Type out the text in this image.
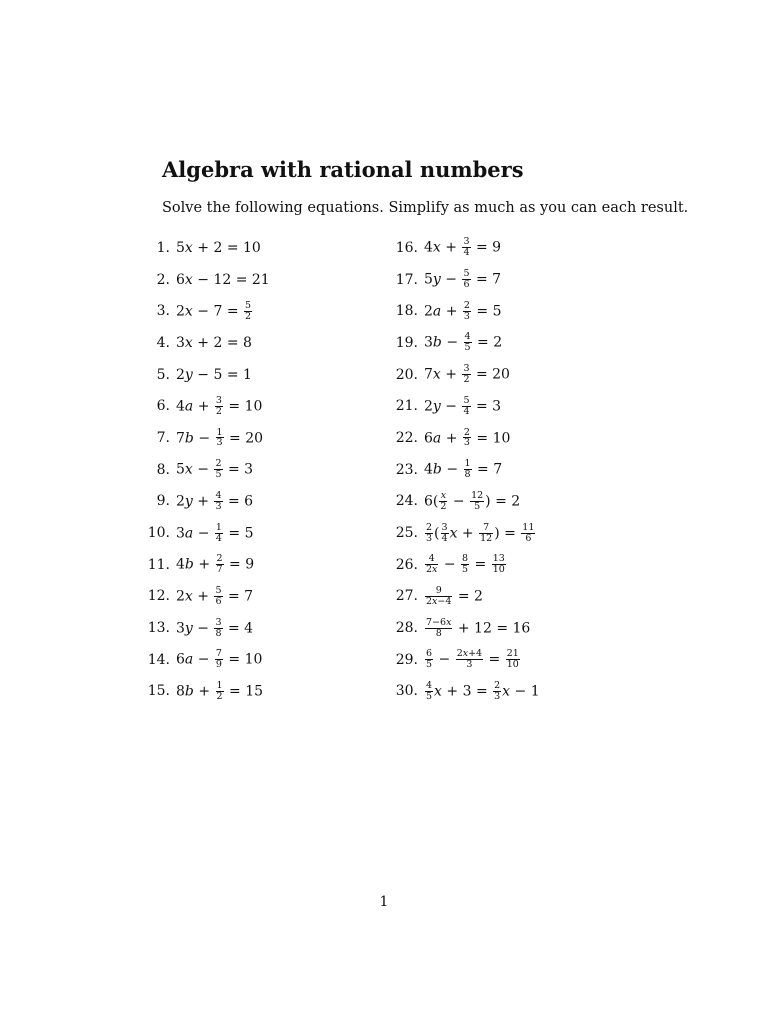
Algebra with rational numbers

Solve the following equations. Simplify as much as you can each result.

1. 5x + 2 = 10
2. 6x − 12 = 21
3. $2x - 7 = \frac{5}{2}$
4. 3x + 2 = 8
5. 2y − 5 = 1
6. $4a + \frac{3}{2} = 10$
7. $7b - \frac{1}{3} = 20$
8. $5x - \frac{2}{5} = 3$
9. $2y + \frac{4}{3} = 6$
10. $3a - \frac{1}{4} = 5$
11. $4b + \frac{2}{7} = 9$
12. $2x + \frac{5}{6} = 7$
13. $3y - \frac{3}{8} = 4$
14. $6a - \frac{7}{9} = 10$
15. $8b + \frac{1}{2} = 15$
16. $4x + \frac{3}{4} = 9$
17. $5y - \frac{5}{6} = 7$
18. $2a + \frac{2}{3} = 5$
19. $3b - \frac{4}{5} = 2$
20. $7x + \frac{3}{2} = 20$
21. $2y - \frac{5}{4} = 3$
22. $6a + \frac{2}{3} = 10$
23. $4b - \frac{1}{8} = 7$
24. $6( \frac{x}{2} - \frac{12}{5}$ ) = 2
25. $\frac{2}{3}$ ( $\frac{3}{4}$ $x + \frac{7}{12}$ ) = $\frac{11}{6}$
26. $\frac{4}{2x} - \frac{8}{5} = \frac{13}{10}$
27. $\frac{9}{2x-4} = 2$
28. $\frac{7-6x}{8} + 12 = 16$
29. $\frac{6}{5} - \frac{2x+4}{3} = \frac{21}{10}$
30. $\frac{4}{5}$ $x + 3 = \frac{2}{3}$ x − 1

1
